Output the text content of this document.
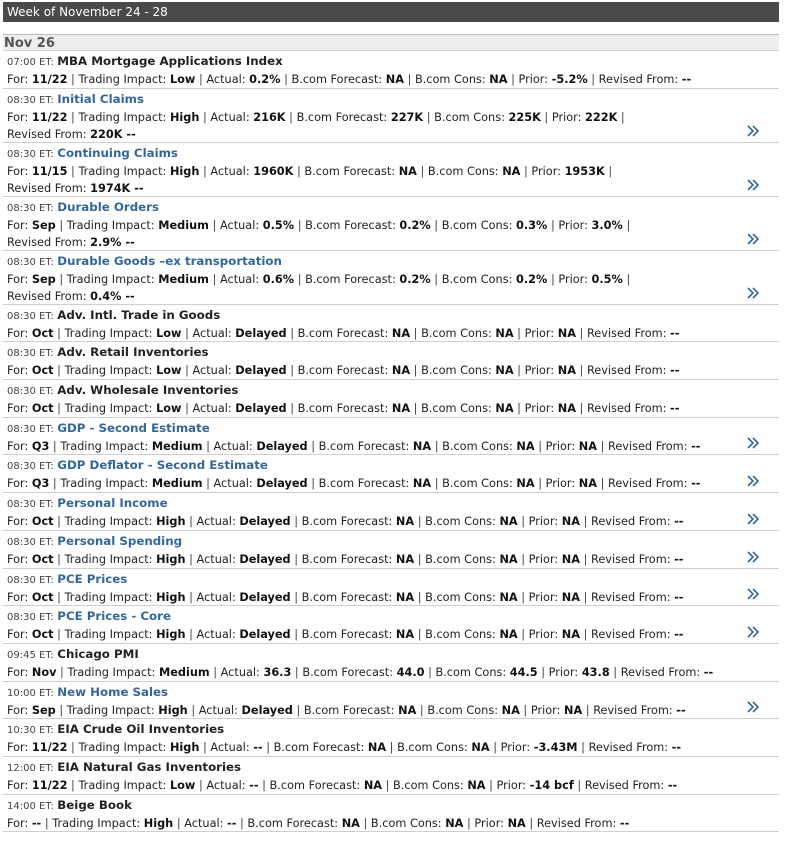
Week of November 24 - 28
Nov 26
07:00 ET: MBA Mortgage Applications Index
For: 11/22 | Trading Impact: Low | Actual: 0.2% | B.com Forecast: NA | B.com Cons: NA | Prior: -5.2% | Revised From: --
08:30 ET: Initial Claims
For: 11/22 | Trading Impact: High | Actual: 216K | B.com Forecast: 227K | B.com Cons: 225K | Prior: 222K |
Revised From: 220K --
08:30 ET: Continuing Claims
For: 11/15 | Trading Impact: High | Actual: 1960K | B.com Forecast: NA | B.com Cons: NA | Prior: 1953K |
Revised From: 1974K --
08:30 ET: Durable Orders
For: Sep | Trading Impact: Medium | Actual: 0.5% | B.com Forecast: 0.2% | B.com Cons: 0.3% | Prior: 3.0% |
Revised From: 2.9% --
08:30 ET: Durable Goods –ex transportation
For: Sep | Trading Impact: Medium | Actual: 0.6% | B.com Forecast: 0.2% | B.com Cons: 0.2% | Prior: 0.5% |
Revised From: 0.4% --
08:30 ET: Adv. Intl. Trade in Goods
For: Oct | Trading Impact: Low | Actual: Delayed | B.com Forecast: NA | B.com Cons: NA | Prior: NA | Revised From: --
08:30 ET: Adv. Retail Inventories
For: Oct | Trading Impact: Low | Actual: Delayed | B.com Forecast: NA | B.com Cons: NA | Prior: NA | Revised From: --
08:30 ET: Adv. Wholesale Inventories
For: Oct | Trading Impact: Low | Actual: Delayed | B.com Forecast: NA | B.com Cons: NA | Prior: NA | Revised From: --
08:30 ET: GDP - Second Estimate
For: Q3 | Trading Impact: Medium | Actual: Delayed | B.com Forecast: NA | B.com Cons: NA | Prior: NA | Revised From: --
08:30 ET: GDP Deflator - Second Estimate
For: Q3 | Trading Impact: Medium | Actual: Delayed | B.com Forecast: NA | B.com Cons: NA | Prior: NA | Revised From: --
08:30 ET: Personal Income
For: Oct | Trading Impact: High | Actual: Delayed | B.com Forecast: NA | B.com Cons: NA | Prior: NA | Revised From: --
08:30 ET: Personal Spending
For: Oct | Trading Impact: High | Actual: Delayed | B.com Forecast: NA | B.com Cons: NA | Prior: NA | Revised From: --
08:30 ET: PCE Prices
For: Oct | Trading Impact: High | Actual: Delayed | B.com Forecast: NA | B.com Cons: NA | Prior: NA | Revised From: --
08:30 ET: PCE Prices - Core
For: Oct | Trading Impact: High | Actual: Delayed | B.com Forecast: NA | B.com Cons: NA | Prior: NA | Revised From: --
09:45 ET: Chicago PMI
For: Nov | Trading Impact: Medium | Actual: 36.3 | B.com Forecast: 44.0 | B.com Cons: 44.5 | Prior: 43.8 | Revised From: --
10:00 ET: New Home Sales
For: Sep | Trading Impact: High | Actual: Delayed | B.com Forecast: NA | B.com Cons: NA | Prior: NA | Revised From: --
10:30 ET: EIA Crude Oil Inventories
For: 11/22 | Trading Impact: High | Actual: -- | B.com Forecast: NA | B.com Cons: NA | Prior: -3.43M | Revised From: --
12:00 ET: EIA Natural Gas Inventories
For: 11/22 | Trading Impact: Low | Actual: -- | B.com Forecast: NA | B.com Cons: NA | Prior: -14 bcf | Revised From: --
14:00 ET: Beige Book
For: -- | Trading Impact: High | Actual: -- | B.com Forecast: NA | B.com Cons: NA | Prior: NA | Revised From: --
